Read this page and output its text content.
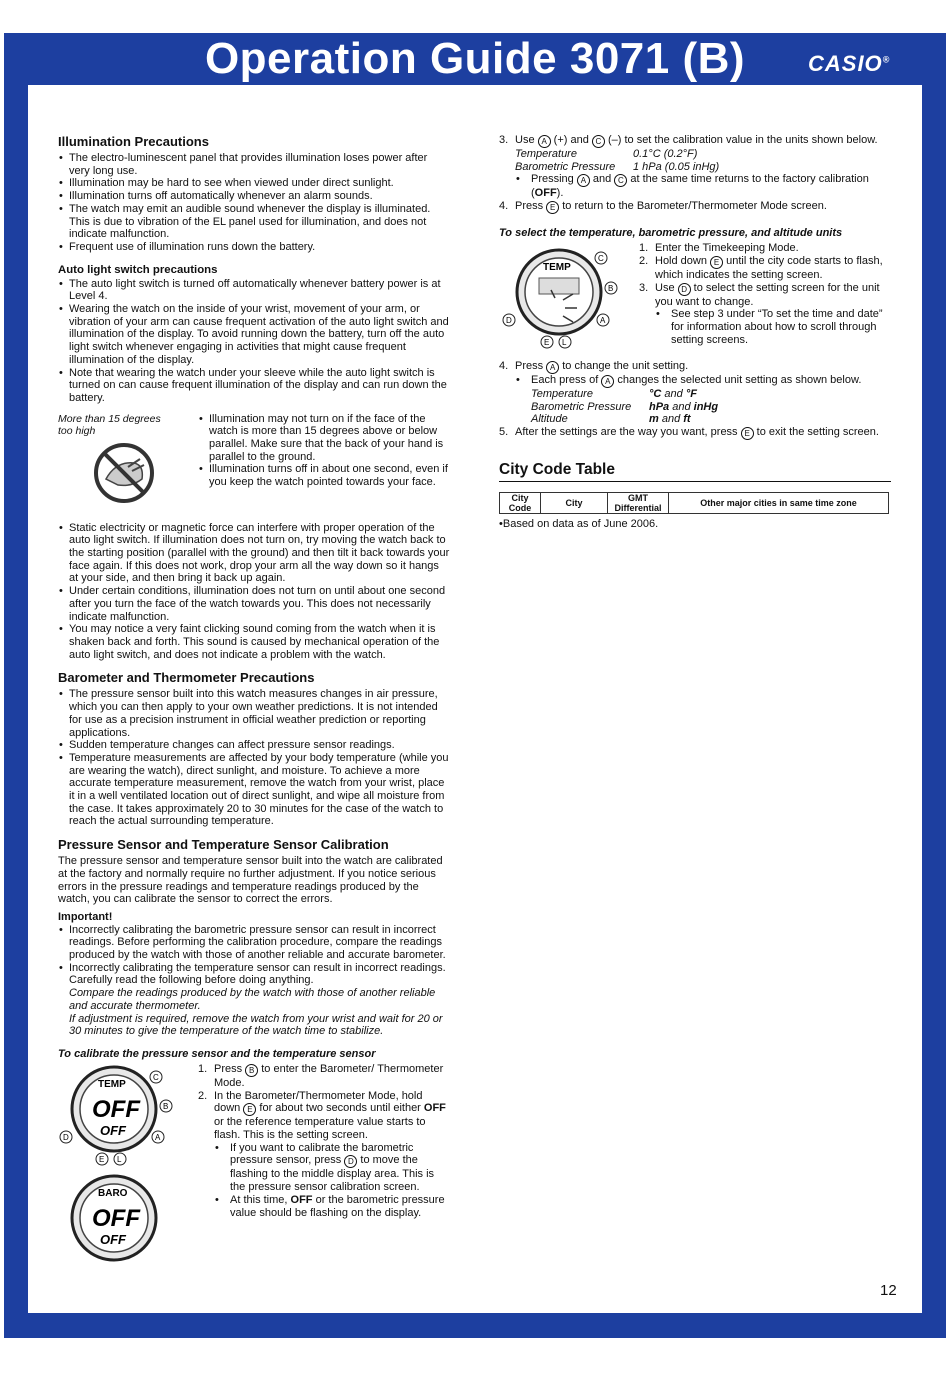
Operation Guide 3071 (B)	CASIO®
Illumination Precautions
• The electro-luminescent panel that provides illumination loses power after very long use.
• Illumination may be hard to see when viewed under direct sunlight.
• Illumination turns off automatically whenever an alarm sounds.
• The watch may emit an audible sound whenever the display is illuminated. This is due to vibration of the EL panel used for illumination, and does not indicate malfunction.
• Frequent use of illumination runs down the battery.
Auto light switch precautions
• The auto light switch is turned off automatically whenever battery power is at Level 4.
• Wearing the watch on the inside of your wrist, movement of your arm, or vibration of your arm can cause frequent activation of the auto light switch and illumination of the display. To avoid running down the battery, turn off the auto light switch whenever engaging in activities that might cause frequent illumination of the display.
• Note that wearing the watch under your sleeve while the auto light switch is turned on can cause frequent illumination of the display and can run down the battery.
More than 15 degrees too high
• Illumination may not turn on if the face of the watch is more than 15 degrees above or below parallel. Make sure that the back of your hand is parallel to the ground.
• Illumination turns off in about one second, even if you keep the watch pointed towards your face.
• Static electricity or magnetic force can interfere with proper operation of the auto light switch. If illumination does not turn on, try moving the watch back to the starting position (parallel with the ground) and then tilt it back towards your face again. If this does not work, drop your arm all the way down so it hangs at your side, and then bring it back up again.
• Under certain conditions, illumination does not turn on until about one second after you turn the face of the watch towards you. This does not necessarily indicate malfunction.
• You may notice a very faint clicking sound coming from the watch when it is shaken back and forth. This sound is caused by mechanical operation of the auto light switch, and does not indicate a problem with the watch.
Barometer and Thermometer Precautions
• The pressure sensor built into this watch measures changes in air pressure, which you can then apply to your own weather predictions. It is not intended for use as a precision instrument in official weather prediction or reporting applications.
• Sudden temperature changes can affect pressure sensor readings.
• Temperature measurements are affected by your body temperature (while you are wearing the watch), direct sunlight, and moisture. To achieve a more accurate temperature measurement, remove the watch from your wrist, place it in a well ventilated location out of direct sunlight, and wipe all moisture from the case. It takes approximately 20 to 30 minutes for the case of the watch to reach the actual surrounding temperature.
Pressure Sensor and Temperature Sensor Calibration

The pressure sensor and temperature sensor built into the watch are calibrated at the factory and normally require no further adjustment. If you notice serious errors in the pressure readings and temperature readings produced by the watch, you can calibrate the sensor to correct the errors.

Important!
• Incorrectly calibrating the barometric pressure sensor can result in incorrect readings. Before performing the calibration procedure, compare the readings produced by the watch with those of another reliable and accurate barometer.
• Incorrectly calibrating the temperature sensor can result in incorrect readings. Carefully read the following before doing anything.

Compare the readings produced by the watch with those of another reliable and accurate thermometer.

If adjustment is required, remove the watch from your wrist and wait for 20 or 30 minutes to give the temperature of the watch time to stabilize.

To calibrate the pressure sensor and the temperature sensor
TEMP
OFF
OFF
C
B
A
D
E L

BARO
OFF
OFF
1. Press B to enter the Barometer/ Thermometer Mode.
2. In the Barometer/Thermometer Mode, hold down E for about two seconds until either OFF or the reference temperature value starts to flash. This is the setting screen.
• If you want to calibrate the barometric pressure sensor, press D to move the flashing to the middle display area. This is the pressure sensor calibration screen.
• At this time, OFF or the barometric pressure value should be flashing on the display.
3. Use A (+) and C (–) to set the calibration value in the units shown below.
Temperature	0.1°C (0.2°F)
Barometric Pressure	1 hPa (0.05 inHg)
• Pressing A and C at the same time returns to the factory calibration (OFF).
4. Press E to return to the Barometer/Thermometer Mode screen.
To select the temperature, barometric pressure, and altitude units
TEMP
C
B
A
D
E L
1. Enter the Timekeeping Mode.
2. Hold down E until the city code starts to flash, which indicates the setting screen.
3. Use D to select the setting screen for the unit you want to change.
• See step 3 under “To set the time and date” for information about how to scroll through setting screens.
4. Press A to change the unit setting.
• Each press of A changes the selected unit setting as shown below.
Temperature	°C and °F
Barometric Pressure	hPa and inHg
Altitude	m and ft
5. After the settings are the way you want, press E to exit the setting screen.
City Code Table
City Code	City	GMT Differential	Other major cities in same time zone
•Based on data as of June 2006.
12
